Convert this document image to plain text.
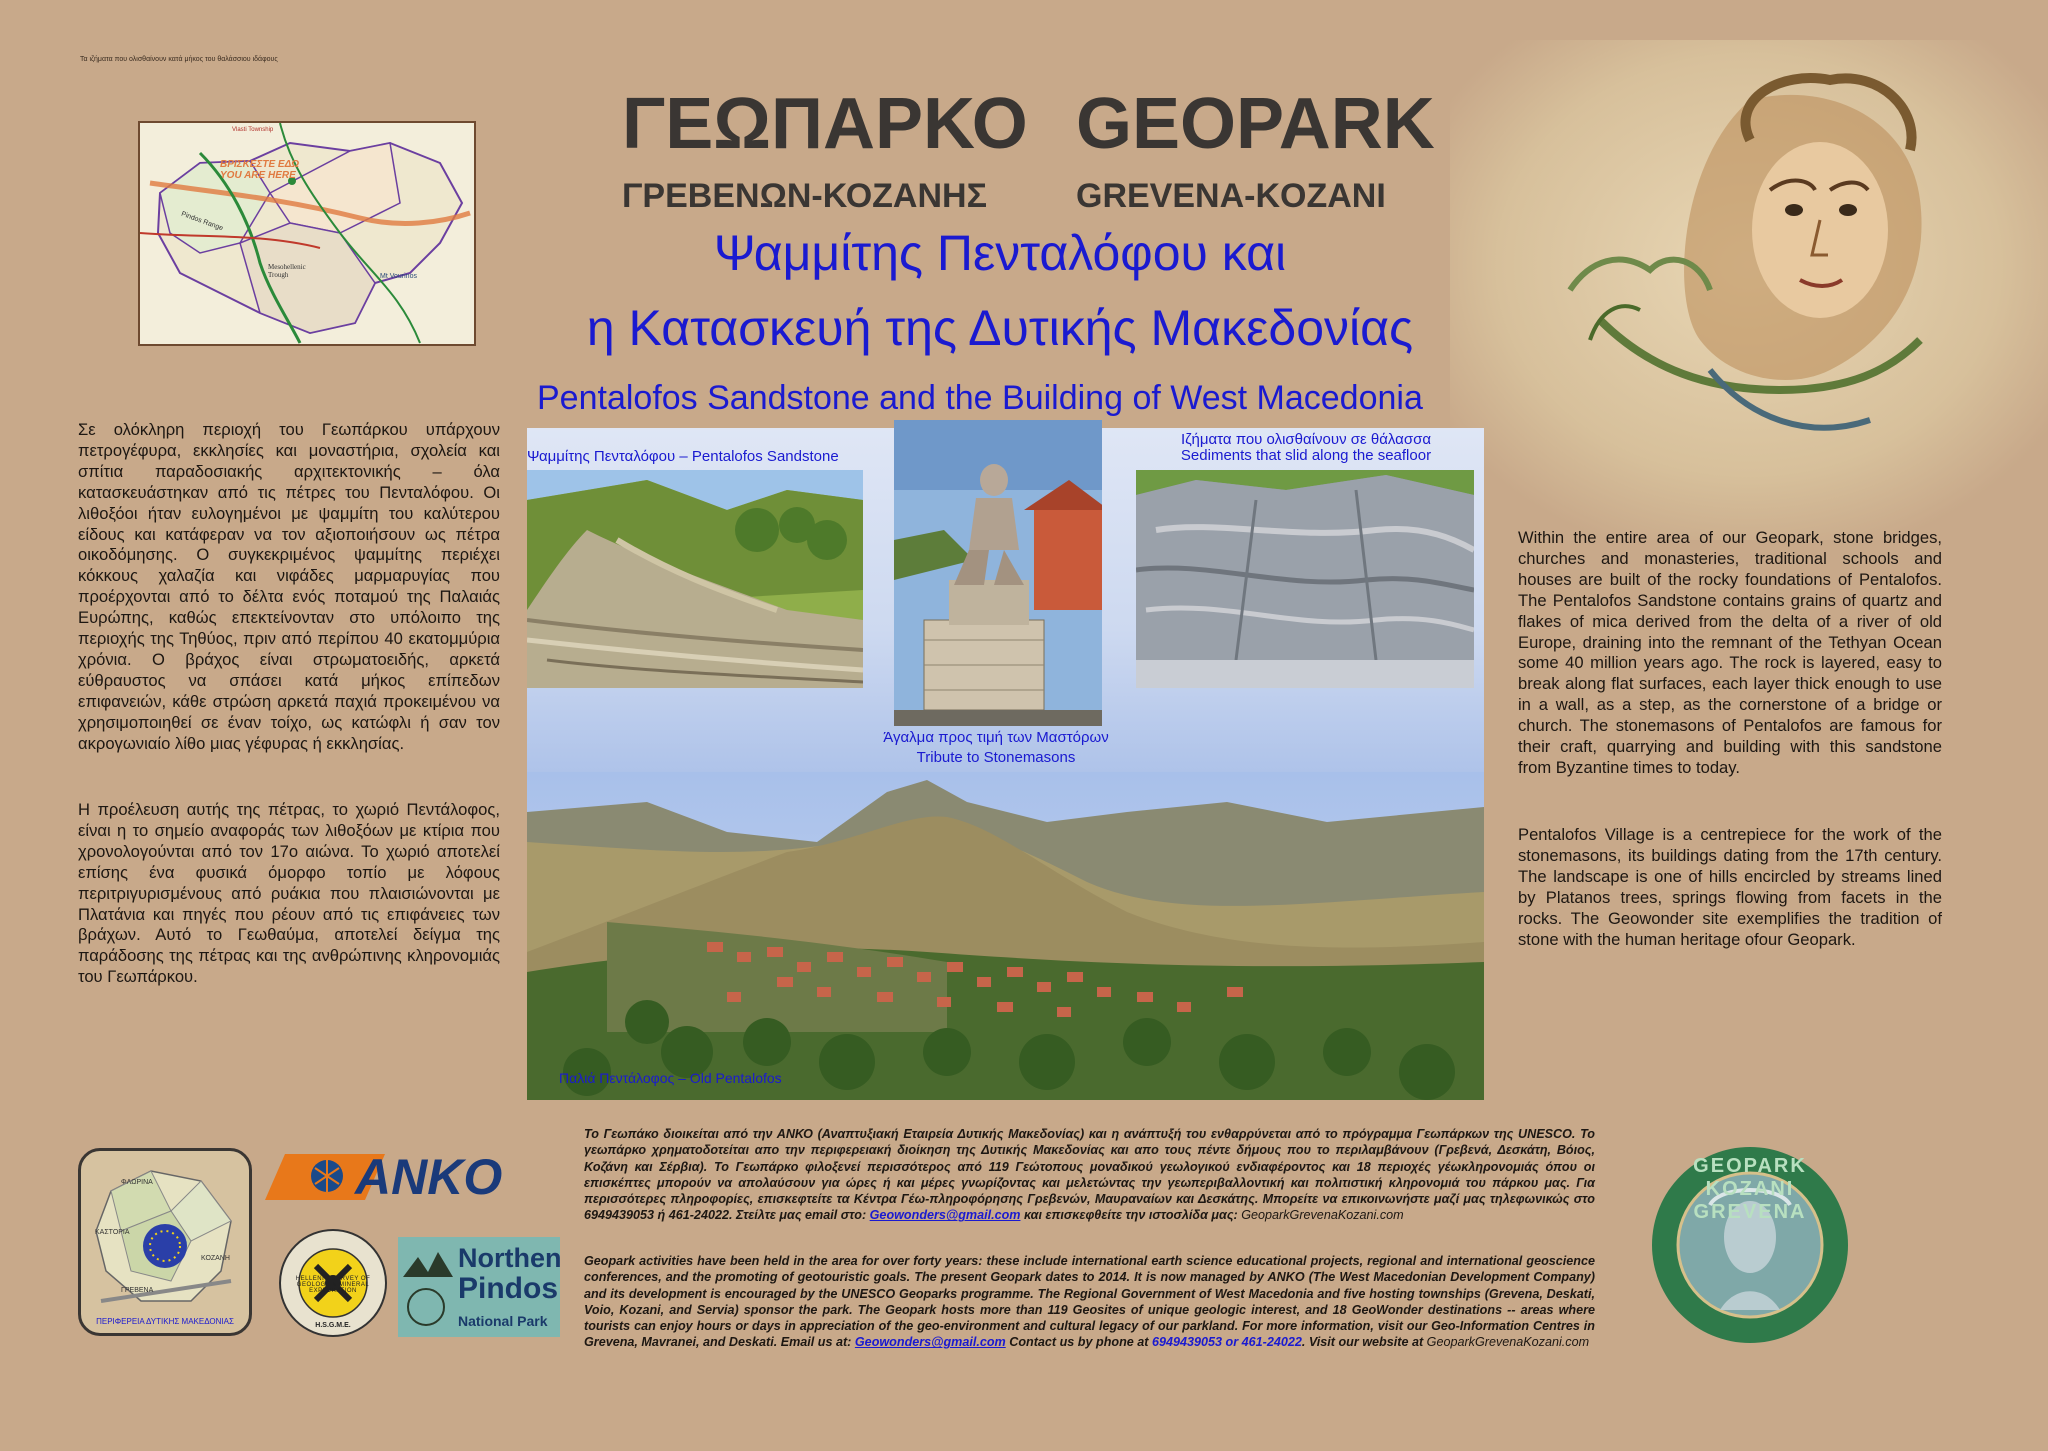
Τα ιζήματα που ολισθαίνουν κατά μήκος του θαλάσσιου ιδάφους
ΒΡΙΣΚΕΣΤΕ ΕΔΩ
YOU ARE HERE
Vlasti Township
Mesohellenic
Trough	Mt Vourinos
Pindos Range
ΓΕΩΠΑΡΚΟ GEOPARK
ΓΡΕΒΕΝΩΝ-ΚΟΖΑΝΗΣ	GREVENA-KOZANI
Ψαμμίτης Πενταλόφου και
η Κατασκευή της Δυτικής Μακεδονίας
Pentalofos Sandstone and the Building of West Macedonia
Σε ολόκληρη περιοχή του Γεωπάρκου υπάρχουν πετρογέφυρα, εκκλησίες και μοναστήρια, σχολεία και σπίτια παραδοσιακής αρχιτεκτονικής – όλα κατασκευάστηκαν από τις πέτρες του Πενταλόφου. Οι λιθοξόοι ήταν ευλογημένοι με ψαμμίτη του καλύτερου είδους και κατάφεραν να τον αξιοποιήσουν ως πέτρα οικοδόμησης. Ο συγκεκριμένος ψαμμίτης περιέχει κόκκους χαλαζία και νιφάδες μαρμαρυγίας που προέρχονται από το δέλτα ενός ποταμού της Παλαιάς Ευρώπης, καθώς επεκτείνονταν στο υπόλοιπο της περιοχής της Τηθύος, πριν από περίπου 40 εκατομμύρια χρόνια. Ο βράχος είναι στρωματοειδής, αρκετά εύθραυστος να σπάσει κατά μήκος επίπεδων επιφανειών, κάθε στρώση αρκετά παχιά προκειμένου να χρησιμοποιηθεί σε έναν τοίχο, ως κατώφλι ή σαν τον ακρογωνιαίο λίθο μιας γέφυρας ή εκκλησίας.
Η προέλευση αυτής της πέτρας, το χωριό Πεντάλοφος, είναι η το σημείο αναφοράς των λιθοξόων με κτίρια που χρονολογούνται από τον 17ο αιώνα. Το χωριό αποτελεί επίσης ένα φυσικά όμορφο τοπίο με λόφους περιτριγυρισμένους από ρυάκια που πλαισιώνονται με Πλατάνια και πηγές που ρέουν από τις επιφάνειες των βράχων. Αυτό το Γεωθαύμα, αποτελεί δείγμα της παράδοσης της πέτρας και της ανθρώπινης κληρονομιάς του Γεωπάρκου.
Within the entire area of our Geopark, stone bridges, churches and monasteries, traditional schools and houses are built of the rocky foundations of Pentalofos. The Pentalofos Sandstone contains grains of quartz and flakes of mica derived from the delta of a river of old Europe, draining into the remnant of the Tethyan Ocean some 40 million years ago. The rock is layered, easy to break along flat surfaces, each layer thick enough to use in a wall, as a step, as the cornerstone of a bridge or church. The stonemasons of Pentalofos are famous for their craft, quarrying and building with this sandstone from Byzantine times to today.
Pentalofos Village is a centrepiece for the work of the stonemasons, its buildings dating from the 17th century. The landscape is one of hills encircled by streams lined by Platanos trees, springs flowing from facets in the rocks. The Geowonder site exemplifies the tradition of stone with the human heritage ofour Geopark.
Ψαμμίτης Πενταλόφου – Pentalofos Sandstone
Ιζήματα που ολισθαίνουν σε θάλασσα
Sediments that slid along the seafloor
Άγαλμα προς τιμή των Μαστόρων
Tribute to Stonemasons
Παλιά Πεντάλοφος – Old Pentalofos
Το Γεωπάκο διοικείται από την ΑΝΚΟ (Αναπτυξιακή Εταιρεία Δυτικής Μακεδονίας) και η ανάπτυξή του ενθαρρύνεται από το πρόγραμμα Γεωπάρκων της UNESCO. Το γεωπάρκο χρηματοδοτείται απο την περιφερειακή διοίκηση της Δυτικής Μακεδονίας και απο τους πέντε δήμους που το περιλαμβάνουν (Γρεβενά, Δεσκάτη, Βόιος, Κοζάνη και Σέρβια). Το Γεωπάρκο φιλοξενεί περισσότερος από 119 Γεώτοπους μοναδικού γεωλογικού ενδιαφέροντος και 18 περιοχές γέωκληρονομιάς όπου οι επισκέπτες μπορούν να απολαύσουν για ώρες ή και μέρες γνωρίζοντας και μελετώντας την γεωπεριβαλλοντική και πολιτιστική κληρονομιά του πάρκου μας. Για περισσότερες πληροφορίες, επισκεφτείτε τα Κέντρα Γέω-πληροφόρησης Γρεβενών, Μαυραναίων και Δεσκάτης. Μπορείτε να επικοινωνήστε μαζί μας τηλεφωνικώς στο 6949439053 ή 461-24022. Στείλτε μας email στο: Geowonders@gmail.com και επισκεφθείτε την ιστοσλίδα μας: GeoparkGrevenaKozani.com
Geopark activities have been held in the area for over forty years: these include international earth science educational projects, regional and international geoscience conferences, and the promoting of geotouristic goals. The present Geopark dates to 2014. It is now managed by ANKO (The West Macedonian Development Company) and its development is encouraged by the UNESCO Geoparks programme. The Regional Government of West Macedonia and five hosting townships (Grevena, Deskati, Voio, Kozani, and Servia) sponsor the park. The Geopark hosts more than 119 Geosites of unique geologic interest, and 18 GeoWonder destinations -- areas where tourists can enjoy hours or days in appreciation of the geo-environment and cultural legacy of our parkland. For more information, visit our Geo-Information Centres in Grevena, Mavranei, and Deskati. Email us at: Geowonders@gmail.com Contact us by phone at 6949439053 or 461-24022. Visit our website at GeoparkGrevenaKozani.com
ΦΛΩΡΙΝΑ
ΚΑΣΤΟΡΙΑ
ΚΟΖΑΝΗ
ΓΡΕΒΕΝΑ
ΠΕΡΙΦΕΡΕΙΑ ΔΥΤΙΚΗΣ ΜΑΚΕΔΟΝΙΑΣ
ANKO
HELLENIC SURVEY OF GEOLOGY & MINERAL EXPLORATION
H.S.G.M.E.
Northen
Pindos
National Park
GEOPARK KOZANI GREVENA
